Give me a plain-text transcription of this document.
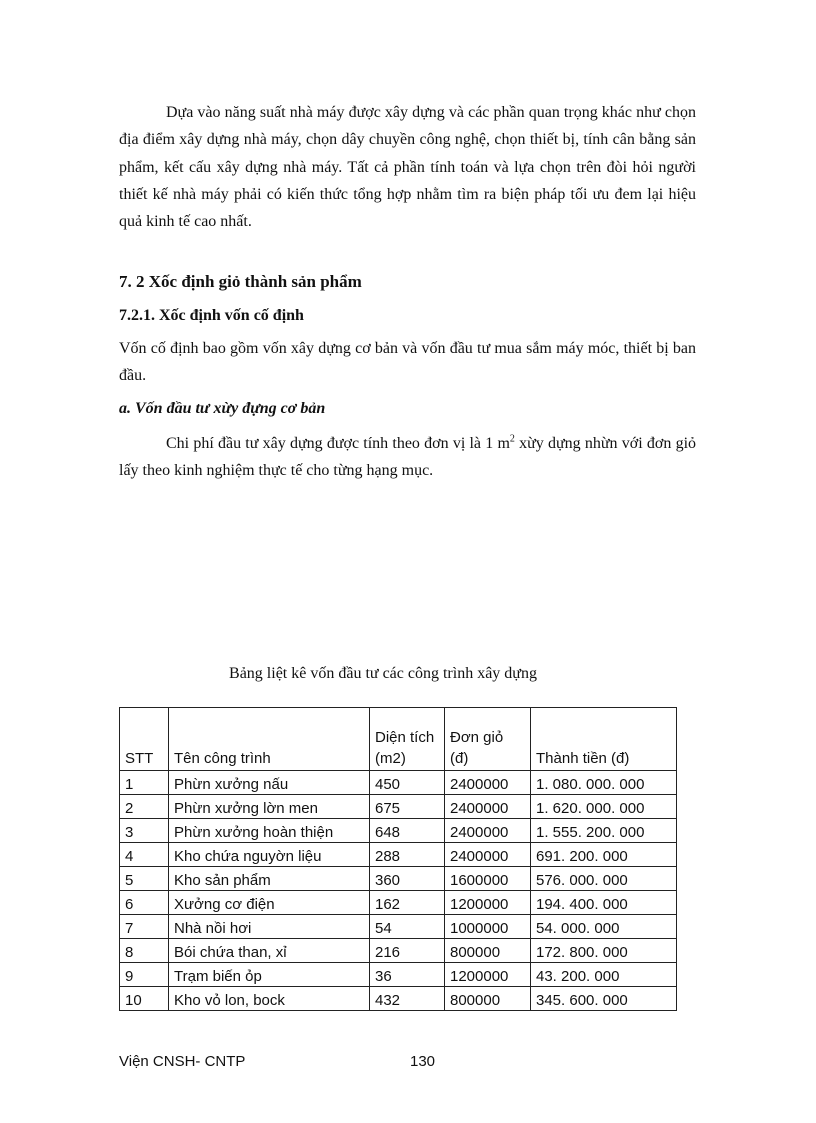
Dựa vào năng suất nhà máy được xây dựng và các phần quan trọng khác như chọn địa điểm xây dựng nhà máy, chọn dây chuyền công nghệ, chọn thiết bị, tính cân bằng sản phẩm, kết cấu xây dựng nhà máy. Tất cả phần tính toán và lựa chọn trên đòi hỏi người thiết kế nhà máy phải có kiến thức tổng hợp nhằm tìm ra biện pháp tối ưu đem lại hiệu quả kinh tế cao nhất.

7. 2 Xốc định giỏ thành sản phẩm
7.2.1. Xốc định vốn cố định

Vốn cố định bao gồm vốn xây dựng cơ bản và vốn đầu tư mua sắm máy móc, thiết bị ban đầu.

a. Vốn đầu tư xừy đựng cơ bản

Chi phí đầu tư xây dựng được tính theo đơn vị là 1 $m^2$ xừy dựng nhừn với đơn giỏ lấy theo kinh nghiệm thực tế cho từng hạng mục.

Bảng liệt kê vốn đầu tư các công trình xây dựng

STT	Tên công trình	Diện tích (m2)	Đơn giỏ (đ)	Thành tiền (đ)
1	Phừn xưởng nấu	450	2400000	1. 080. 000. 000
2	Phừn xưởng lờn men	675	2400000	1. 620. 000. 000
3	Phừn xưởng hoàn thiện	648	2400000	1. 555. 200. 000
4	Kho chứa nguyờn liệu	288	2400000	691. 200. 000
5	Kho sản phẩm	360	1600000	576. 000. 000
6	Xưởng cơ điện	162	1200000	194. 400. 000
7	Nhà nồi hơi	54	1000000	54. 000. 000
8	Bói chứa than, xỉ	216	800000	172. 800. 000
9	Trạm biến ỏp	36	1200000	43. 200. 000
10	Kho vỏ lon, bock	432	800000	345. 600. 000

Viện CNSH- CNTP	130
